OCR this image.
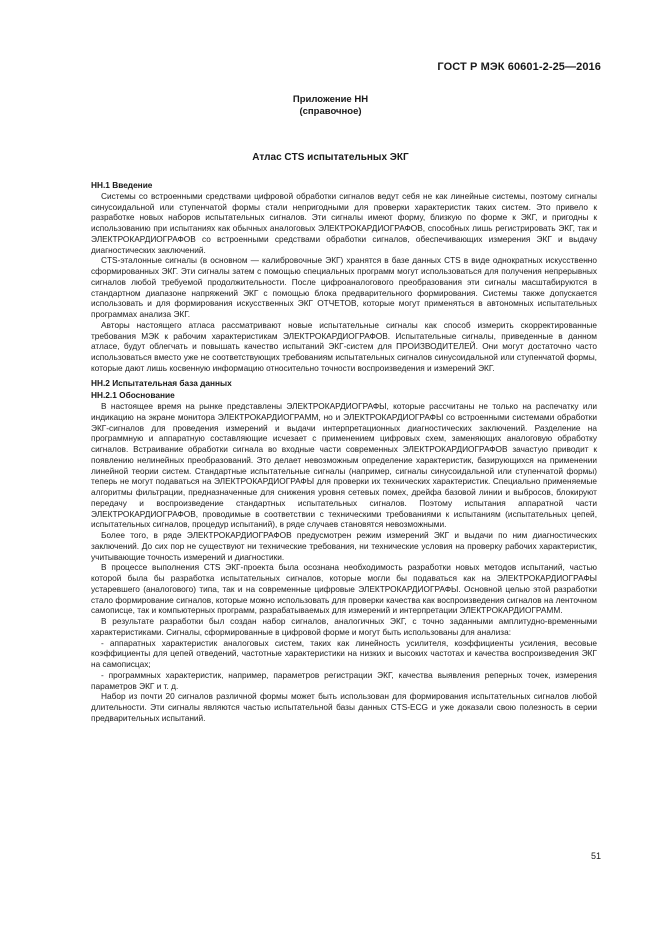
ГОСТ Р МЭК 60601-2-25—2016
Приложение НН
(справочное)
Атлас CTS испытательных ЭКГ
НН.1 Введение

Системы со встроенными средствами цифровой обработки сигналов ведут себя не как линейные системы, поэтому сигналы синусоидальной или ступенчатой формы стали непригодными для проверки характеристик таких систем. Это привело к разработке новых наборов испытательных сигналов. Эти сигналы имеют форму, близкую по форме к ЭКГ, и пригодны к использованию при испытаниях как обычных аналоговых ЭЛЕКТРОКАРДИОГРАФОВ, способных лишь регистрировать ЭКГ, так и ЭЛЕКТРОКАРДИОГРАФОВ со встроенными средствами обработки сигналов, обеспечивающих измерения ЭКГ и выдачу диагностических заключений.

CTS-эталонные сигналы (в основном — калибровочные ЭКГ) хранятся в базе данных CTS в виде однократных искусственно сформированных ЭКГ. Эти сигналы затем с помощью специальных программ могут использоваться для получения непрерывных сигналов любой требуемой продолжительности. После цифроаналогового преобразования эти сигналы масштабируются в стандартном диапазоне напряжений ЭКГ с помощью блока предварительного формирования. Системы также допускается использовать и для формирования искусственных ЭКГ ОТЧЕТОВ, которые могут применяться в автономных испытательных программах анализа ЭКГ.

Авторы настоящего атласа рассматривают новые испытательные сигналы как способ измерить скорректированные требования МЭК к рабочим характеристикам ЭЛЕКТРОКАРДИОГРАФОВ. Испытательные сигналы, приведенные в данном атласе, будут облегчать и повышать качество испытаний ЭКГ-систем для ПРОИЗВОДИТЕЛЕЙ. Они могут достаточно часто использоваться вместо уже не соответствующих требованиям испытательных сигналов синусоидальной или ступенчатой формы, которые дают лишь косвенную информацию относительно точности воспроизведения и измерений ЭКГ.

НН.2 Испытательная база данных
НН.2.1 Обоснование

В настоящее время на рынке представлены ЭЛЕКТРОКАРДИОГРАФЫ, которые рассчитаны не только на распечатку или индикацию на экране монитора ЭЛЕКТРОКАРДИОГРАММ, но и ЭЛЕКТРОКАРДИОГРАФЫ со встроенными системами обработки ЭКГ-сигналов для проведения измерений и выдачи интерпретационных диагностических заключений. Разделение на программную и аппаратную составляющие исчезает с применением цифровых схем, заменяющих аналоговую обработку сигналов. Встраивание обработки сигнала во входные части современных ЭЛЕКТРОКАРДИОГРАФОВ зачастую приводит к появлению нелинейных преобразований. Это делает невозможным определение характеристик, базирующихся на применении линейной теории систем. Стандартные испытательные сигналы (например, сигналы синусоидальной или ступенчатой формы) теперь не могут подаваться на ЭЛЕКТРОКАРДИОГРАФЫ для проверки их технических характеристик. Специально применяемые алгоритмы фильтрации, предназначенные для снижения уровня сетевых помех, дрейфа базовой линии и выбросов, блокируют передачу и воспроизведение стандартных испытательных сигналов. Поэтому испытания аппаратной части ЭЛЕКТРОКАРДИОГРАФОВ, проводимые в соответствии с техническими требованиями к испытаниям (испытательных цепей, испытательных сигналов, процедур испытаний), в ряде случаев становятся невозможными.

Более того, в ряде ЭЛЕКТРОКАРДИОГРАФОВ предусмотрен режим измерений ЭКГ и выдачи по ним диагностических заключений. До сих пор не существуют ни технические требования, ни технические условия на проверку рабочих характеристик, учитывающие точность измерений и диагностики.

В процессе выполнения CTS ЭКГ-проекта была осознана необходимость разработки новых методов испытаний, частью которой была бы разработка испытательных сигналов, которые могли бы подаваться как на ЭЛЕКТРОКАРДИОГРАФЫ устаревшего (аналогового) типа, так и на современные цифровые ЭЛЕКТРОКАРДИОГРАФЫ. Основной целью этой разработки стало формирование сигналов, которые можно использовать для проверки качества как воспроизведения сигналов на ленточном самописце, так и компьютерных программ, разрабатываемых для измерений и интерпретации ЭЛЕКТРОКАРДИОГРАММ.

В результате разработки был создан набор сигналов, аналогичных ЭКГ, с точно заданными амплитудно-временными характеристиками. Сигналы, сформированные в цифровой форме и могут быть использованы для анализа:

- аппаратных характеристик аналоговых систем, таких как линейность усилителя, коэффициенты усиления, весовые коэффициенты для цепей отведений, частотные характеристики на низких и высоких частотах и качества воспроизведения ЭКГ на самописцах;

- программных характеристик, например, параметров регистрации ЭКГ, качества выявления реперных точек, измерения параметров ЭКГ и т. д.

Набор из почти 20 сигналов различной формы может быть использован для формирования испытательных сигналов любой длительности. Эти сигналы являются частью испытательной базы данных CTS-ECG и уже доказали свою полезность в серии предварительных испытаний.

51
